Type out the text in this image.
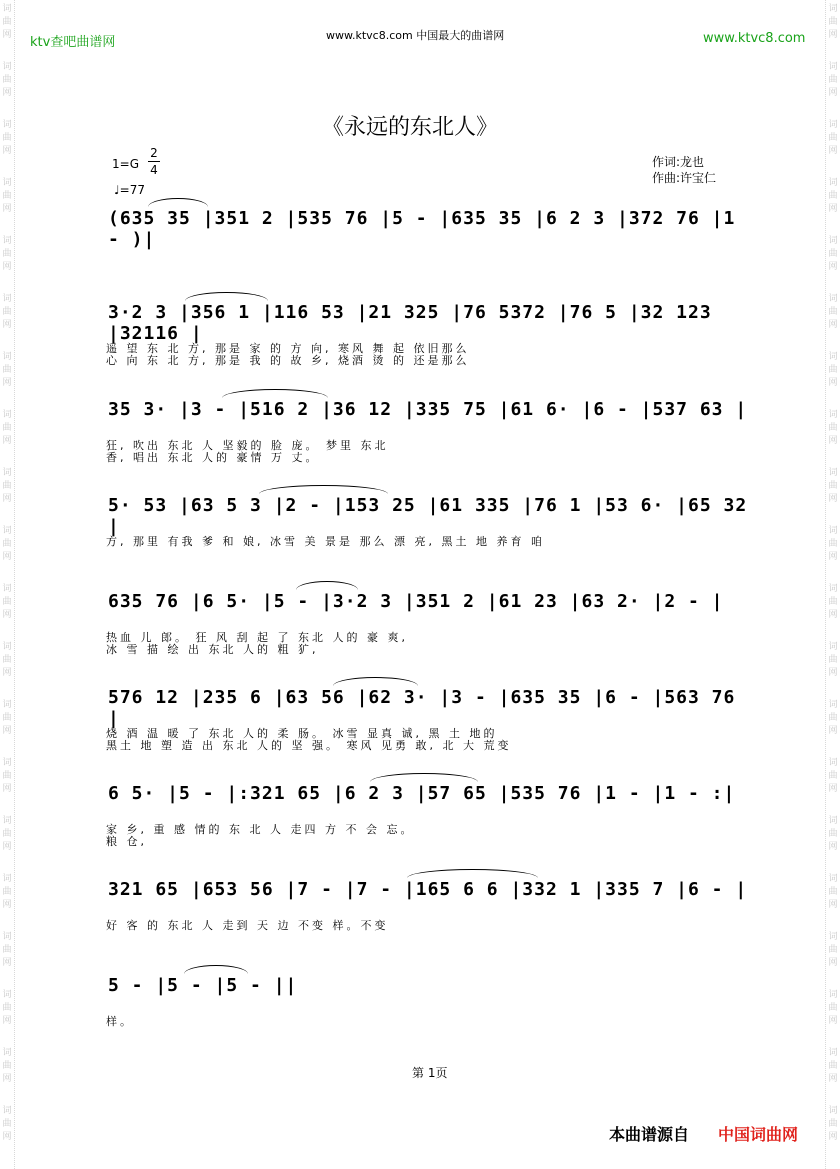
词
曲
网
词
曲
网
词
曲
网
词
曲
网
词
曲
网
词
曲
网
词
曲
网
词
曲
网
词
曲
网
词
曲
网
词
曲
网
词
曲
网
词
曲
网
词
曲
网
词
曲
网
词
曲
网
词
曲
网
词
曲
网
词
曲
网
词
曲
网
词
曲
网
词
曲
网
词
曲
网
词
曲
网
词
曲
网
词
曲
网
词
曲
网
词
曲
网
词
曲
网
词
曲
网
词
曲
网
词
曲
网
词
曲
网
词
曲
网
词
曲
网
词
曲
网
词
曲
网
词
曲
网
词
曲
网
词
曲
网
ktv查吧曲谱网	www.ktvc8.com 中国最大的曲谱网	www.ktvc8.com
《永远的东北人》
1=G
2
4
♩=77
作词:龙也
作曲:许宝仁
(635 35 |351 2 |535 76 |5 - |635 35 |6 2 3 |372 76 |1 - )|
3·2 3 |356 1 |116 53 |21 325 |76 5372 |76 5 |32 123 |32116 |
遥 望 东 北 方, 那是 家 的 方 向, 寒风 舞 起 依旧那么
心 向 东 北 方, 那是 我 的 故 乡, 烧酒 烫 的 还是那么
35 3· |3 - |516 2 |36 12 |335 75 |61 6· |6 - |537 63 |
狂, 吹出 东北 人 坚毅的 脸 庞。 梦里 东北
香, 唱出 东北 人的 豪情 万 丈。
5· 53 |63 5 3 |2 - |153 25 |61 335 |76 1 |53 6· |65 32 |
方, 那里 有我 爹 和 娘, 冰雪 美 景是 那么 漂 亮, 黑土 地 养育 咱
635 76 |6 5· |5 - |3·2 3 |351 2 |61 23 |63 2· |2 - |
热血 儿 郎。 狂 风 刮 起 了 东北 人的 豪 爽,
冰 雪 描 绘 出 东北 人的 粗 犷,
576 12 |235 6 |63 56 |62 3· |3 - |635 35 |6 - |563 76 |
烧 酒 温 暖 了 东北 人的 柔 肠。 冰雪 显真 诚, 黑 土 地的
黑土 地 塑 造 出 东北 人的 坚 强。 寒风 见勇 敢, 北 大 荒变
6 5· |5 - |:321 65 |6 2 3 |57 65 |535 76 |1 - |1 - :|
家 乡, 重 感 情的 东 北 人 走四 方 不 会 忘。
粮 仓,
321 65 |653 56 |7 - |7 - |165 6 6 |332 1 |335 7 |6 - |
好 客 的 东北 人 走到 天 边 不变 样。不变
5 - |5 - |5 - ||
样。
第 1页
本曲谱源自 中国词曲网
